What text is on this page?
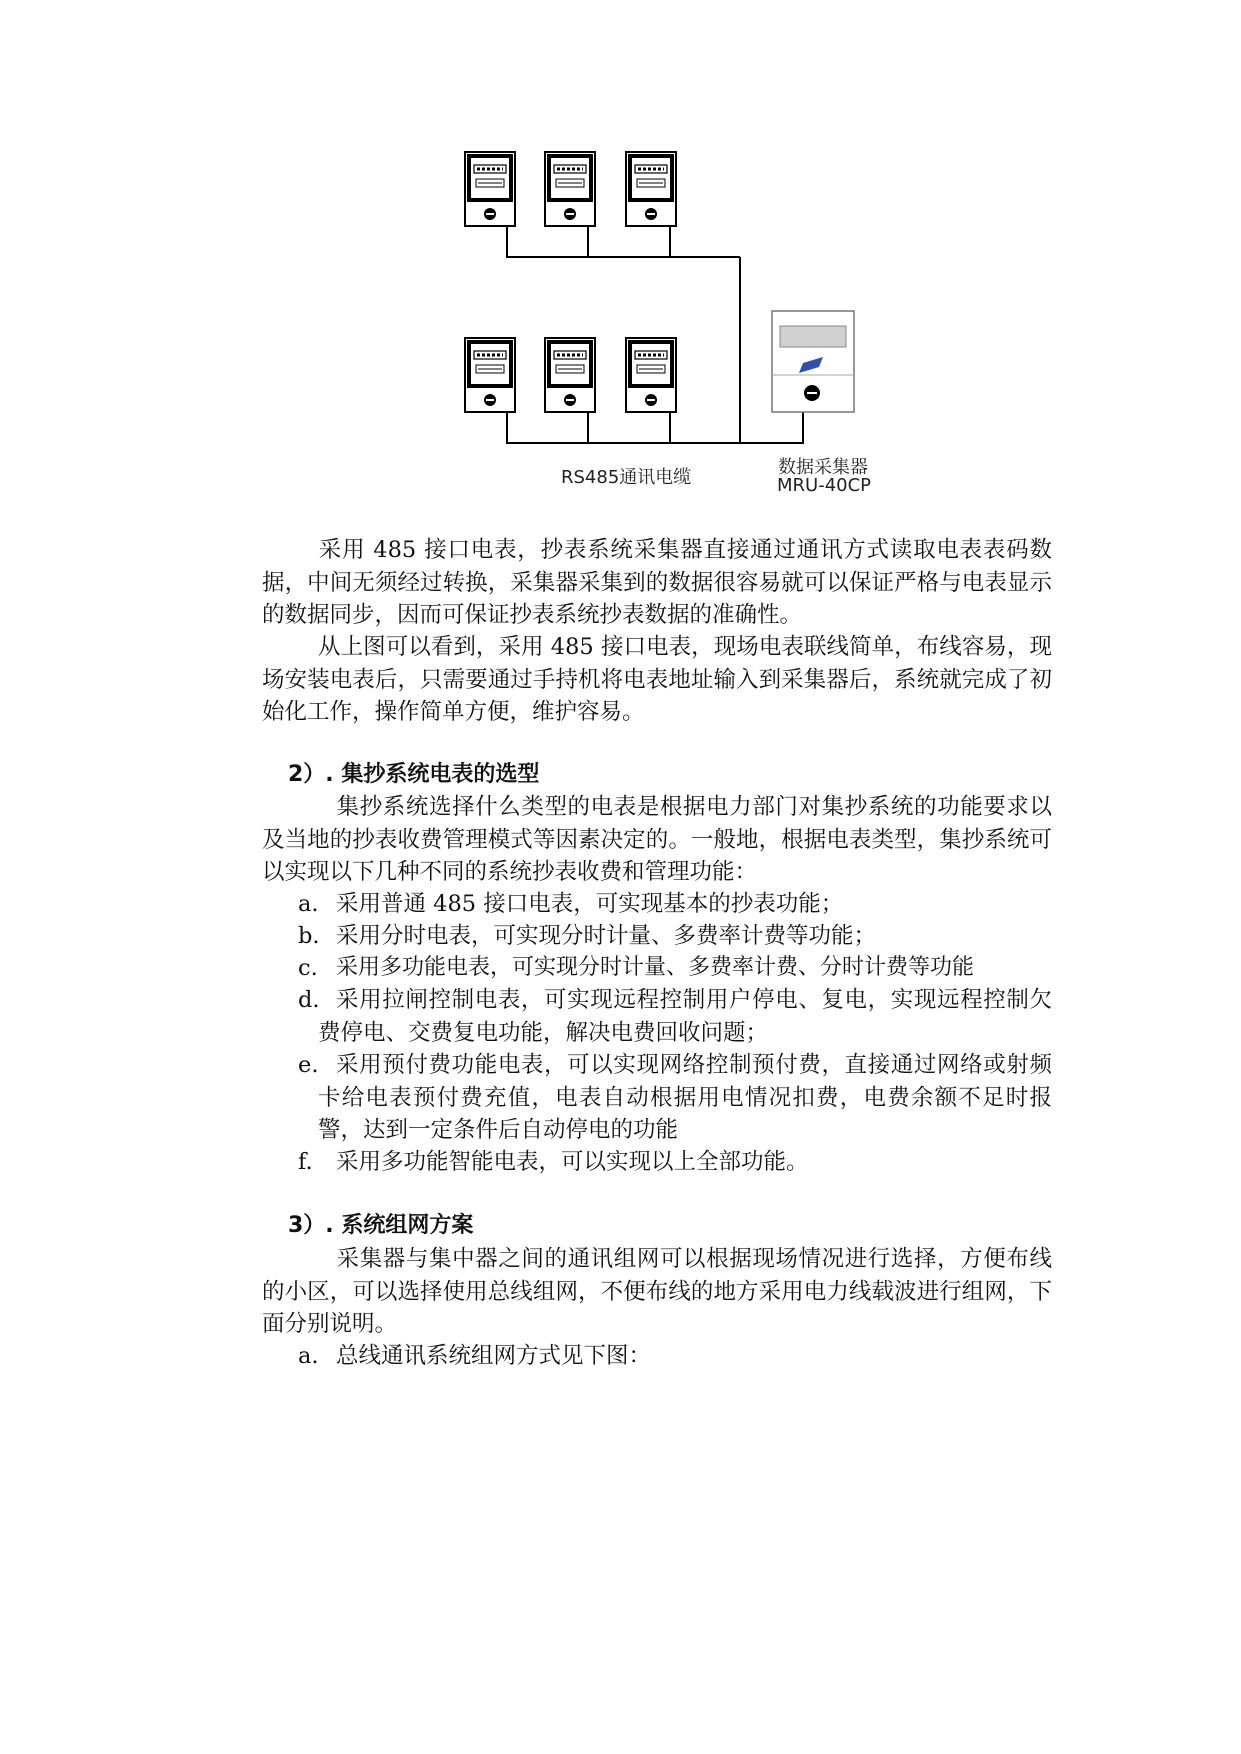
RS485通讯电缆	数据采集器
MRU-40CP

采用 485 接口电表，抄表系统采集器直接通过通讯方式读取电表表码数据，中间无须经过转换，采集器采集到的数据很容易就可以保证严格与电表显示的数据同步，因而可保证抄表系统抄表数据的准确性。

从上图可以看到，采用 485 接口电表，现场电表联线简单，布线容易，现场安装电表后，只需要通过手持机将电表地址输入到采集器后，系统就完成了初始化工作，操作简单方便，维护容易。

2）. 集抄系统电表的选型

集抄系统选择什么类型的电表是根据电力部门对集抄系统的功能要求以及当地的抄表收费管理模式等因素决定的。一般地，根据电表类型，集抄系统可以实现以下几种不同的系统抄表收费和管理功能：

a. 采用普通 485 接口电表，可实现基本的抄表功能；
b. 采用分时电表，可实现分时计量、多费率计费等功能；
c. 采用多功能电表，可实现分时计量、多费率计费、分时计费等功能
d. 采用拉闸控制电表，可实现远程控制用户停电、复电，实现远程控制欠费停电、交费复电功能，解决电费回收问题；
e. 采用预付费功能电表，可以实现网络控制预付费，直接通过网络或射频卡给电表预付费充值，电表自动根据用电情况扣费，电费余额不足时报警，达到一定条件后自动停电的功能
f.	采用多功能智能电表，可以实现以上全部功能。
3）. 系统组网方案

采集器与集中器之间的通讯组网可以根据现场情况进行选择，方便布线的小区，可以选择使用总线组网，不便布线的地方采用电力线载波进行组网，下面分别说明。

a. 总线通讯系统组网方式见下图：
